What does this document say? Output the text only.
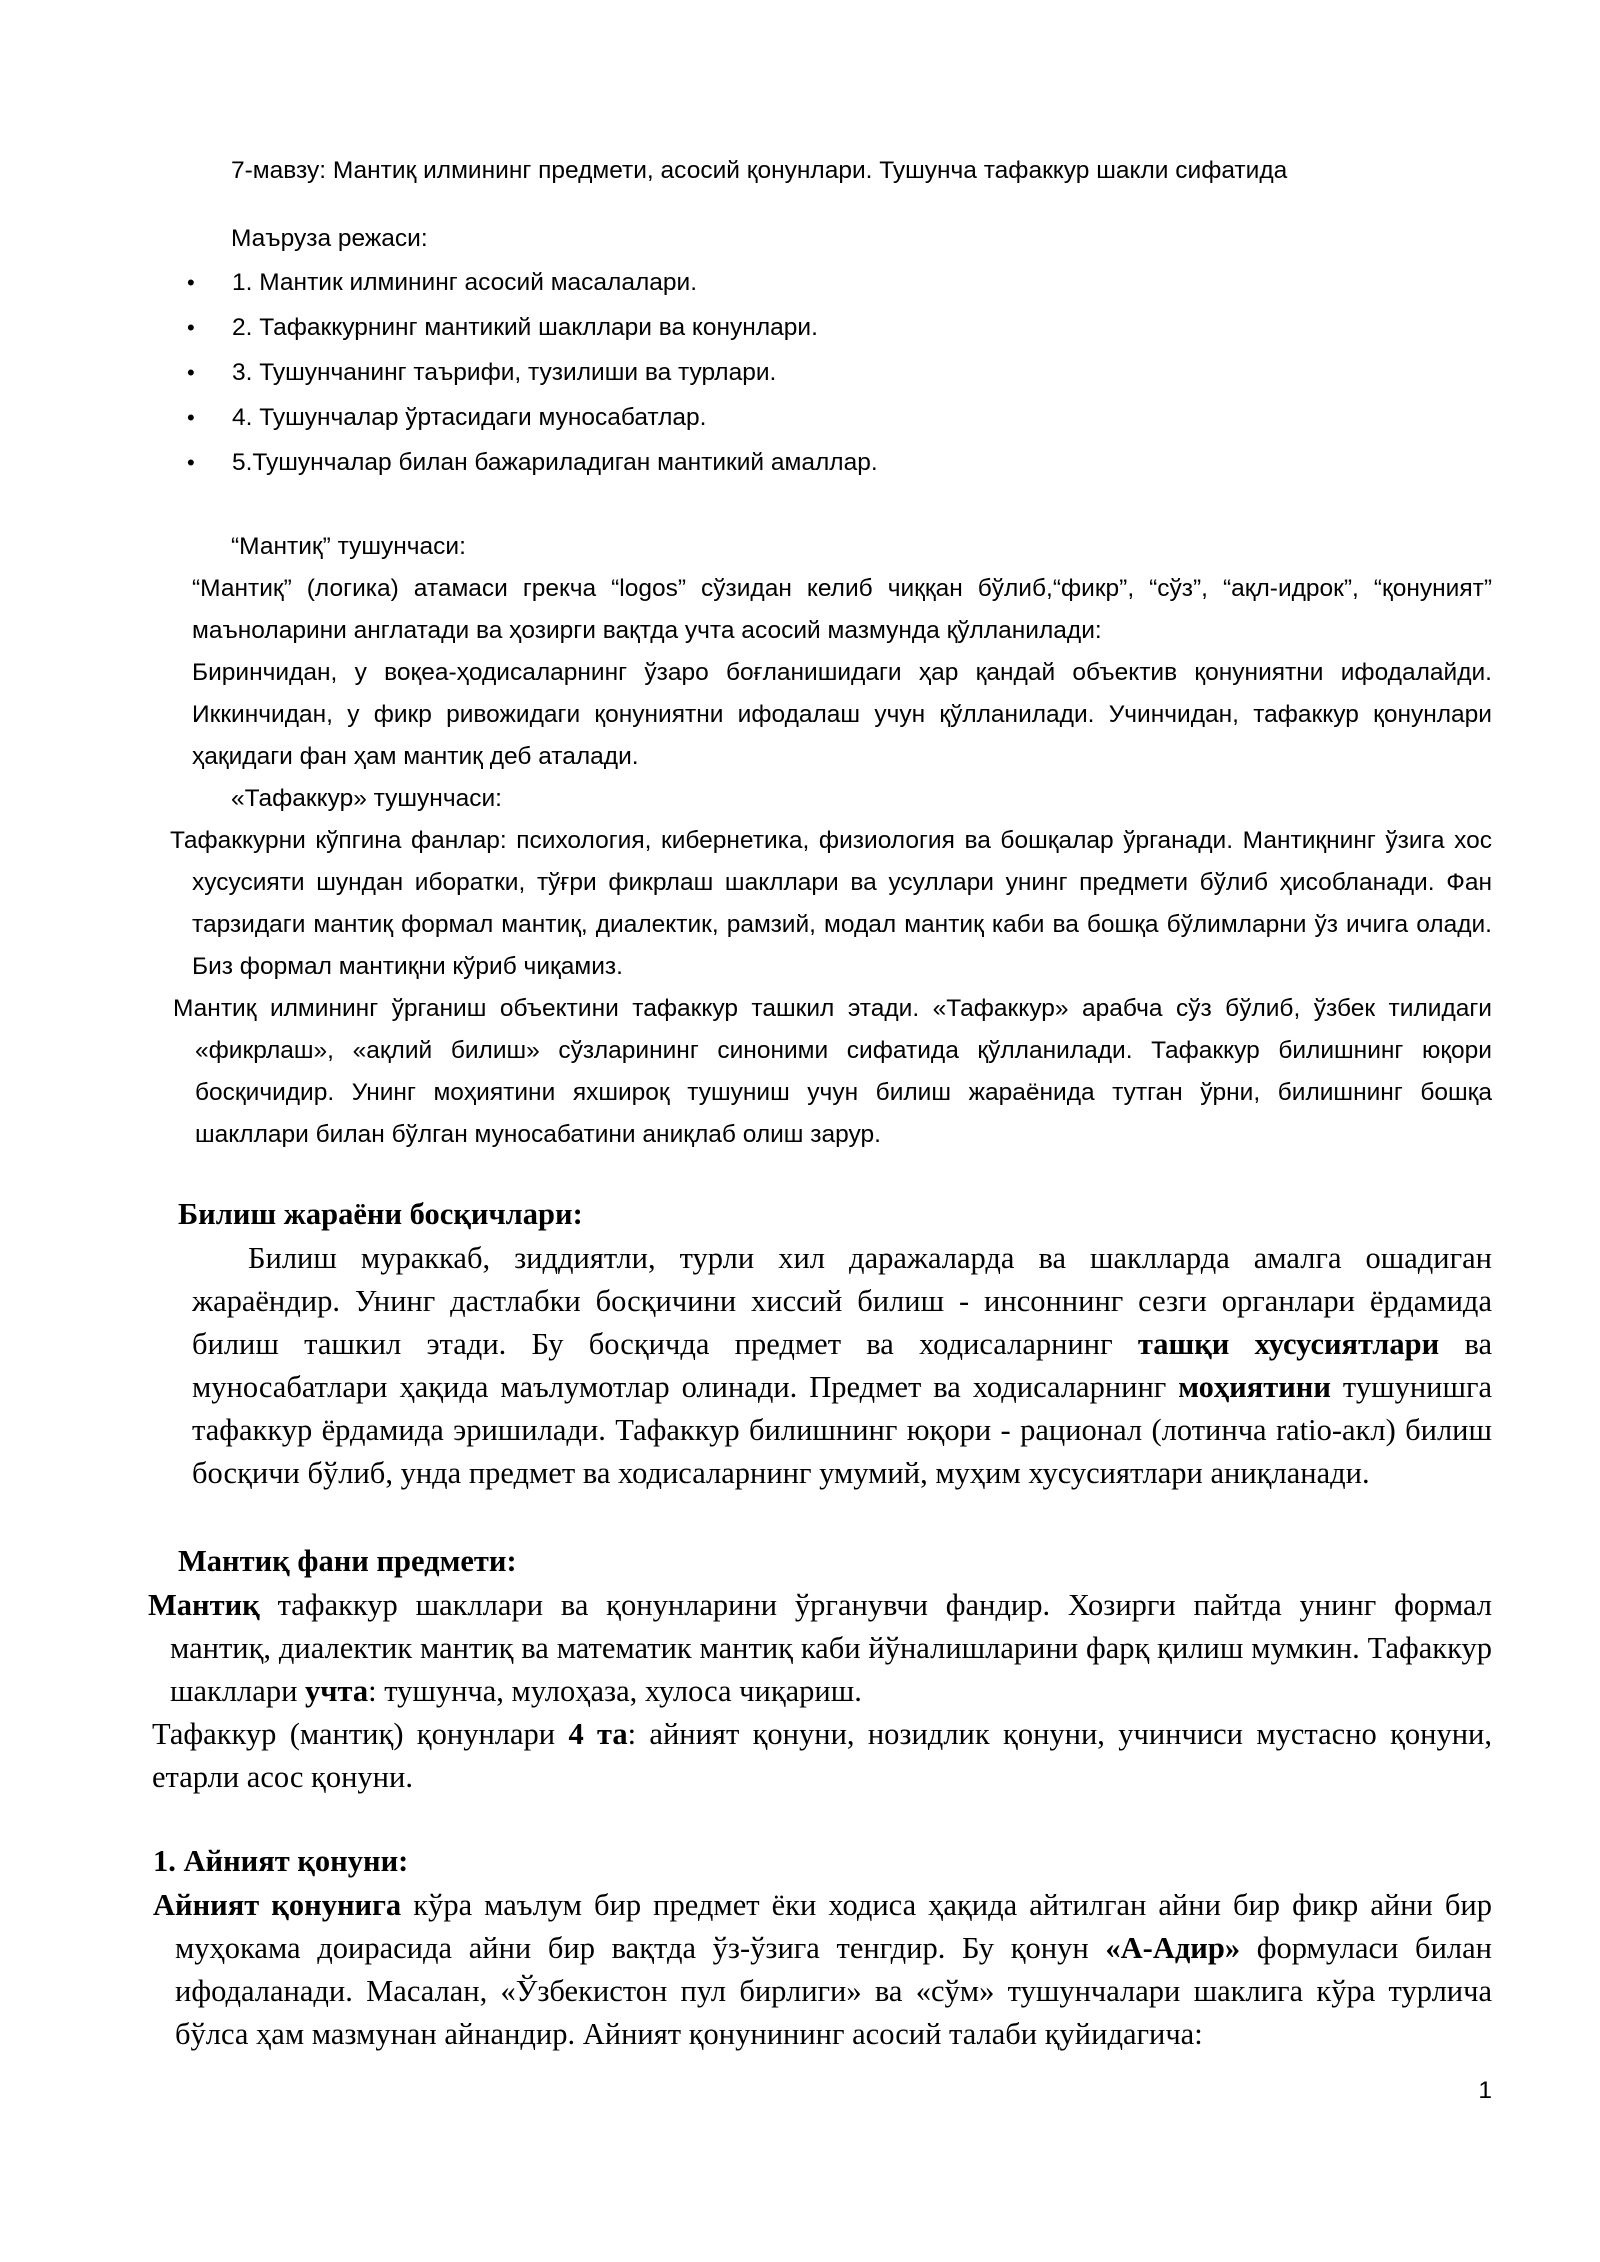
7-мавзу: Мантиқ илмининг предмети, асосий қонунлари. Тушунча тафаккур шакли сифатида
Маъруза режаси:
• 1. Мантик илмининг асосий масалалари.
• 2. Тафаккурнинг мантикий шакллари ва конунлари.
• 3. Тушунчанинг таърифи, тузилиши ва турлари.
• 4. Тушунчалар ўртасидаги муносабатлар.
• 5.Тушунчалар билан бажариладиган мантикий амаллар.
“Мантиқ” тушунчаси:

“Мантиқ” (логика) атамаси грекча “logos” сўзидан келиб чиққан бўлиб,“фикр”, “сўз”, “ақл-идрок”, “қонуният” маъноларини англатади ва ҳозирги вақтда учта асосий мазмунда қўлланилади:

Биринчидан, у воқеа-ҳодисаларнинг ўзаро боғланишидаги ҳар қандай объектив қонуниятни ифодалайди. Иккинчидан, у фикр ривожидаги қонуниятни ифодалаш учун қўлланилади. Учинчидан, тафаккур қонунлари ҳақидаги фан ҳам мантиқ деб аталади.

«Тафаккур» тушунчаси:

Тафаккурни кўпгина фанлар: психология, кибернетика, физиология ва бошқалар ўрганади. Мантиқнинг ўзига хос хусусияти шундан иборатки, тўғри фикрлаш шакллари ва усуллари унинг предмети бўлиб ҳисобланади. Фан тарзидаги мантиқ формал мантиқ, диалектик, рамзий, модал мантиқ каби ва бошқа бўлимларни ўз ичига олади. Биз формал мантиқни кўриб чиқамиз.

Мантиқ илмининг ўрганиш объектини тафаккур ташкил этади. «Тафаккур» арабча сўз бўлиб, ўзбек тилидаги «фикрлаш», «ақлий билиш» сўзларининг синоними сифатида қўлланилади. Тафаккур билишнинг юқори босқичидир. Унинг моҳиятини яхшироқ тушуниш учун билиш жараёнида тутган ўрни, билишнинг бошқа шакллари билан бўлган муносабатини аниқлаб олиш зарур.

Билиш жараёни босқичлари:

Билиш мураккаб, зиддиятли, турли хил даражаларда ва шаклларда амалга ошадиган жараёндир. Унинг дастлабки босқичини хиссий билиш - инсоннинг сезги органлари ёрдамида билиш ташкил этади. Бу босқичда предмет ва ходисаларнинг ташқи хусусиятлари ва муносабатлари ҳақида маълумотлар олинади. Предмет ва ходисаларнинг моҳиятини тушунишга тафаккур ёрдамида эришилади. Тафаккур билишнинг юқори - рационал (лотинча ratio-акл) билиш босқичи бўлиб, унда предмет ва ходисаларнинг умумий, муҳим хусусиятлари аниқланади.

Мантиқ фани предмети:

Мантиқ тафаккур шакллари ва қонунларини ўрганувчи фандир. Хозирги пайтда унинг формал мантиқ, диалектик мантиқ ва математик мантиқ каби йўналишларини фарқ қилиш мумкин. Тафаккур шакллари учта: тушунча, мулоҳаза, хулоса чиқариш.

Тафаккур (мантиқ) қонунлари 4 та: айният қонуни, нозидлик қонуни, учинчиси мустасно қонуни, етарли асос қонуни.

1. Айният қонуни:

Айният қонунига кўра маълум бир предмет ёки ходиса ҳақида айтилган айни бир фикр айни бир муҳокама доирасида айни бир вақтда ўз-ўзига тенгдир. Бу қонун «А-Адир» формуласи билан ифодаланади. Масалан, «Ўзбекистон пул бирлиги» ва «сўм» тушунчалари шаклига кўра турлича бўлса ҳам мазмунан айнандир. Айният қонунининг асосий талаби қуйидагича:

1
